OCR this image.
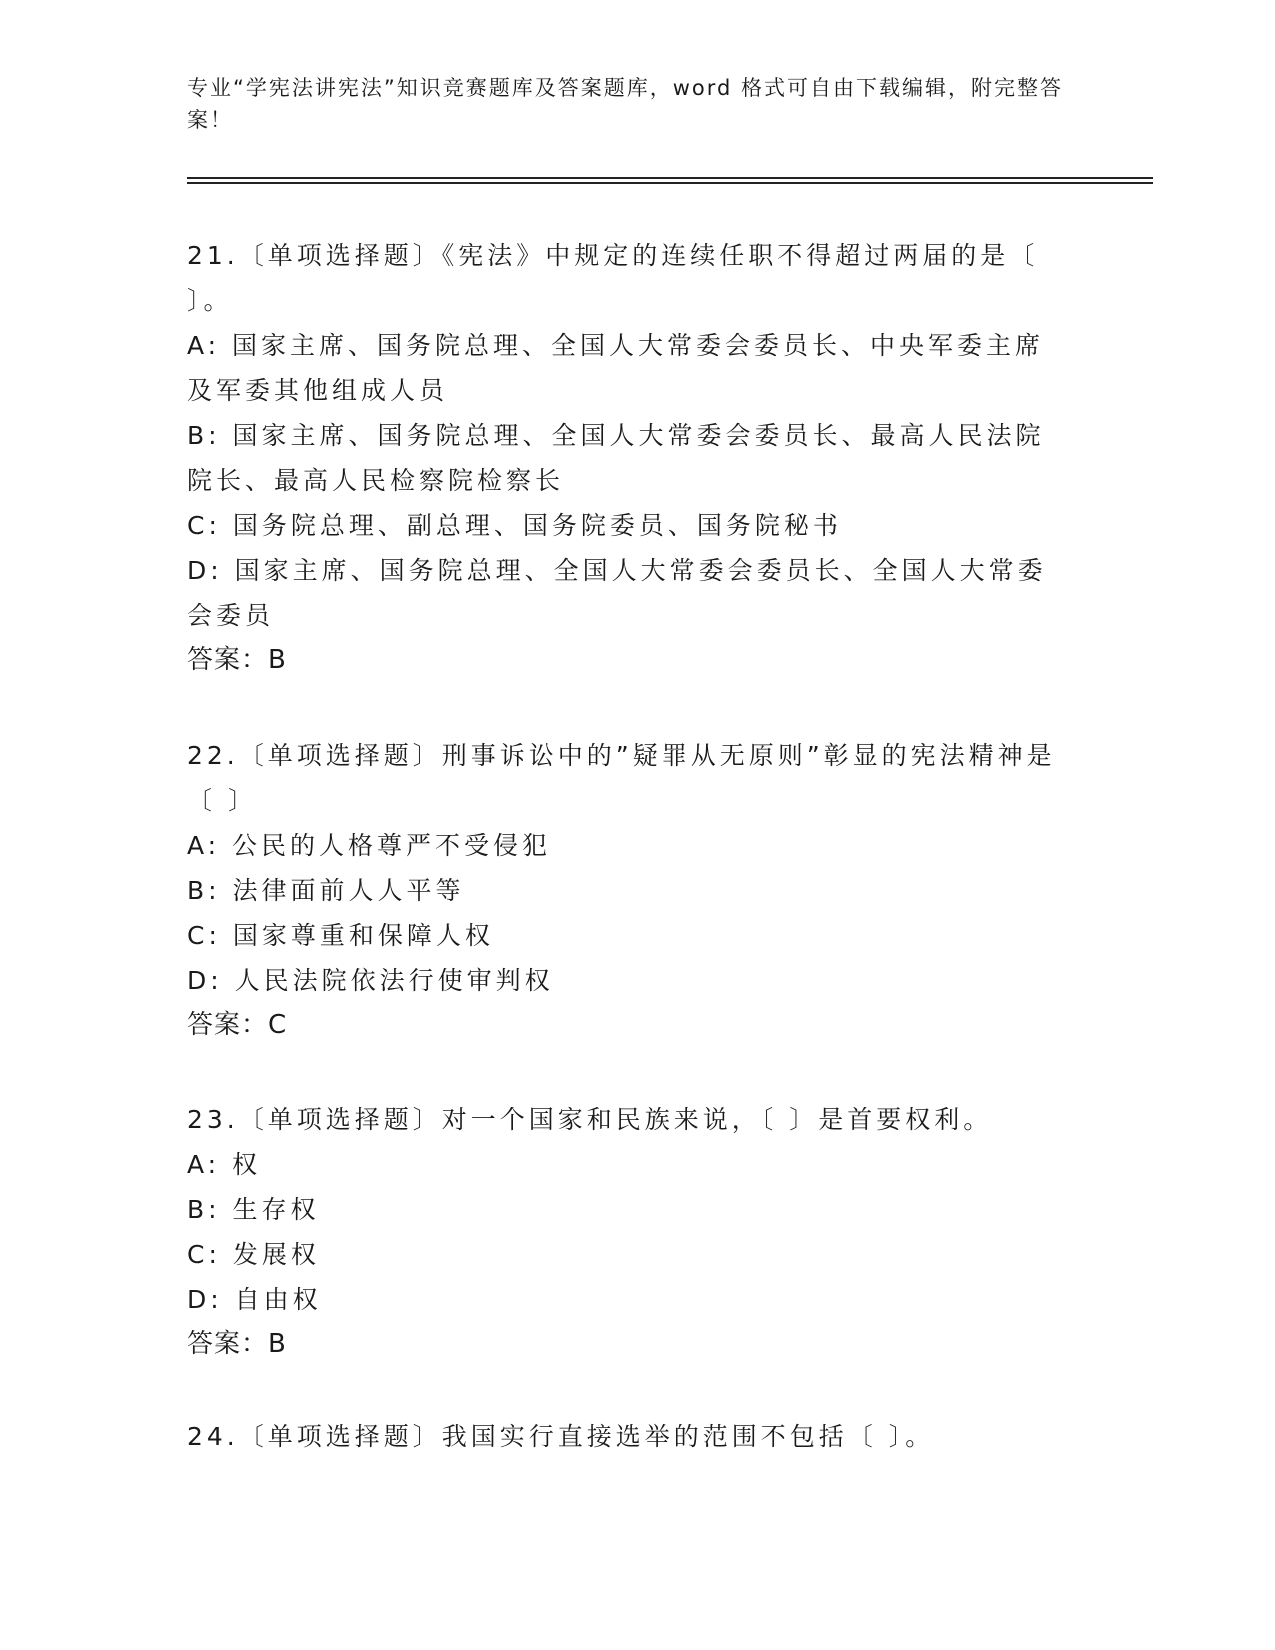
专业“学宪法讲宪法”知识竞赛题库及答案题库，word 格式可自由下载编辑，附完整答案！

21.〔单项选择题〕《宪法》中规定的连续任职不得超过两届的是〔 〕。

A: 国家主席、国务院总理、全国人大常委会委员长、中央军委主席及军委其他组成人员

B: 国家主席、国务院总理、全国人大常委会委员长、最高人民法院院长、最高人民检察院检察长

C: 国务院总理、副总理、国务院委员、国务院秘书

D: 国家主席、国务院总理、全国人大常委会委员长、全国人大常委会委员

答案：B

22.〔单项选择题〕刑事诉讼中的”疑罪从无原则”彰显的宪法精神是〔 〕

A: 公民的人格尊严不受侵犯

B: 法律面前人人平等

C: 国家尊重和保障人权

D: 人民法院依法行使审判权

答案：C

23.〔单项选择题〕对一个国家和民族来说，〔 〕是首要权利。

A: 权

B: 生存权

C: 发展权

D: 自由权

答案：B

24.〔单项选择题〕我国实行直接选举的范围不包括〔 〕。
